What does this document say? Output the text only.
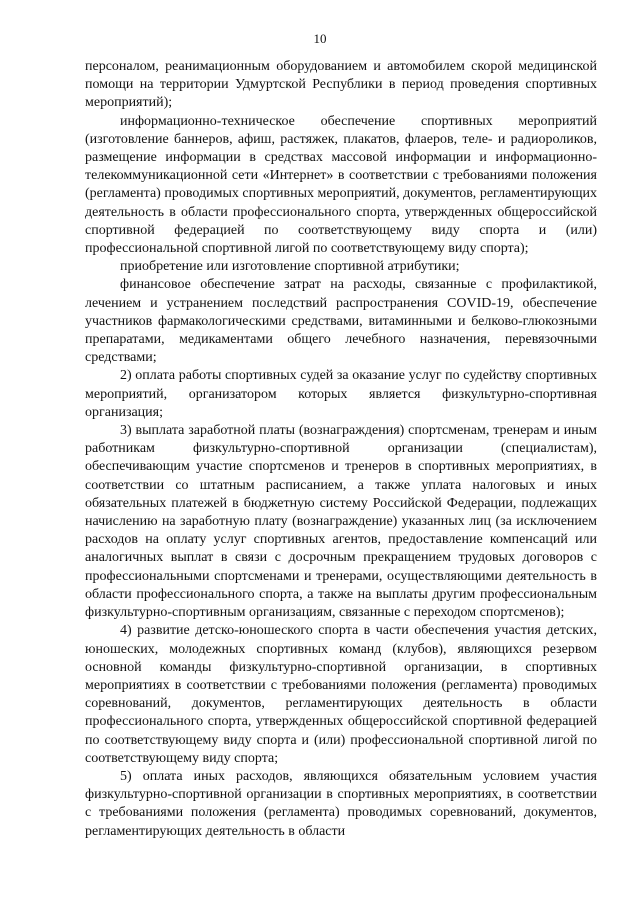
10

персоналом, реанимационным оборудованием и автомобилем скорой медицинской помощи на территории Удмуртской Республики в период проведения спортивных мероприятий);

информационно-техническое обеспечение спортивных мероприятий (изготовление баннеров, афиш, растяжек, плакатов, флаеров, теле- и радиороликов, размещение информации в средствах массовой информации и информационно-телекоммуникационной сети «Интернет» в соответствии с требованиями положения (регламента) проводимых спортивных мероприятий, документов, регламентирующих деятельность в области профессионального спорта, утвержденных общероссийской спортивной федерацией по соответствующему виду спорта и (или) профессиональной спортивной лигой по соответствующему виду спорта);

приобретение или изготовление спортивной атрибутики;

финансовое обеспечение затрат на расходы, связанные с профилактикой, лечением и устранением последствий распространения COVID-19, обеспечение участников фармакологическими средствами, витаминными и белково-глюкозными препаратами, медикаментами общего лечебного назначения, перевязочными средствами;

2) оплата работы спортивных судей за оказание услуг по судейству спортивных мероприятий, организатором которых является физкультурно-спортивная организация;

3) выплата заработной платы (вознаграждения) спортсменам, тренерам и иным работникам физкультурно-спортивной организации (специалистам), обеспечивающим участие спортсменов и тренеров в спортивных мероприятиях, в соответствии со штатным расписанием, а также уплата налоговых и иных обязательных платежей в бюджетную систему Российской Федерации, подлежащих начислению на заработную плату (вознаграждение) указанных лиц (за исключением расходов на оплату услуг спортивных агентов, предоставление компенсаций или аналогичных выплат в связи с досрочным прекращением трудовых договоров с профессиональными спортсменами и тренерами, осуществляющими деятельность в области профессионального спорта, а также на выплаты другим профессиональным физкультурно-спортивным организациям, связанные с переходом спортсменов);

4) развитие детско-юношеского спорта в части обеспечения участия детских, юношеских, молодежных спортивных команд (клубов), являющихся резервом основной команды физкультурно-спортивной организации, в спортивных мероприятиях в соответствии с требованиями положения (регламента) проводимых соревнований, документов, регламентирующих деятельность в области профессионального спорта, утвержденных общероссийской спортивной федерацией по соответствующему виду спорта и (или) профессиональной спортивной лигой по соответствующему виду спорта;

5) оплата иных расходов, являющихся обязательным условием участия физкультурно-спортивной организации в спортивных мероприятиях, в соответствии с требованиями положения (регламента) проводимых соревнований, документов, регламентирующих деятельность в области
